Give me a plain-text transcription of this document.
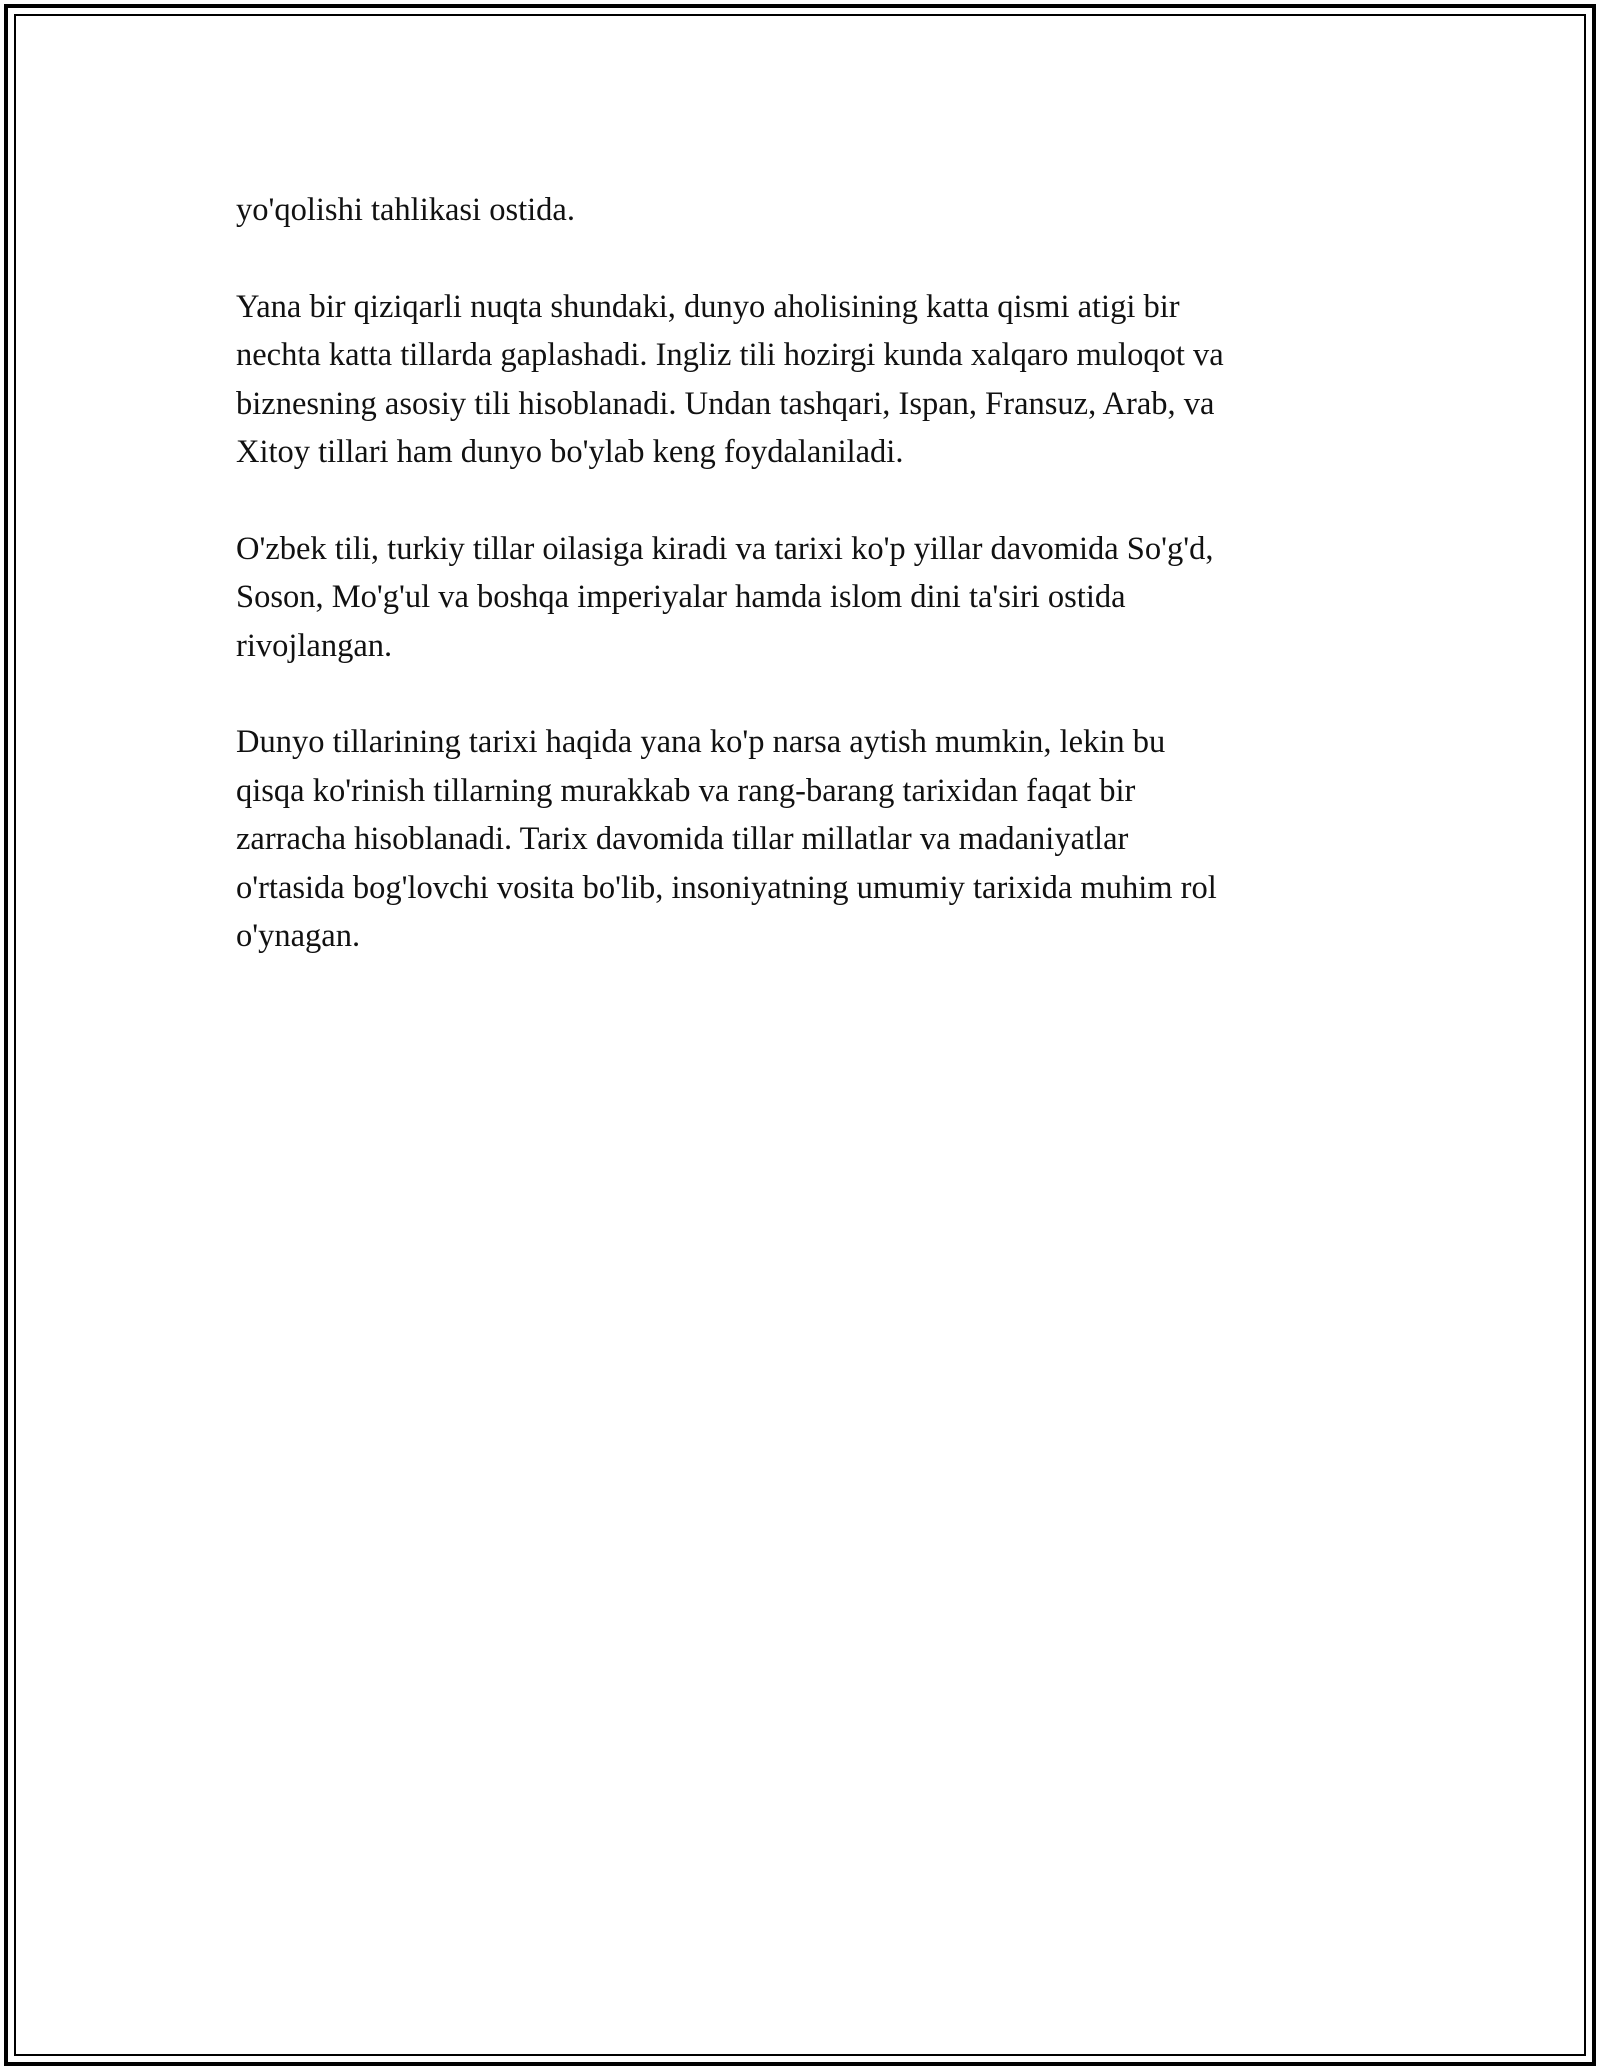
yo'qolishi tahlikasi ostida.

Yana bir qiziqarli nuqta shundaki, dunyo aholisining katta qismi atigi bir
nechta katta tillarda gaplashadi. Ingliz tili hozirgi kunda xalqaro muloqot va
biznesning asosiy tili hisoblanadi. Undan tashqari, Ispan, Fransuz, Arab, va
Xitoy tillari ham dunyo bo'ylab keng foydalaniladi.

O'zbek tili, turkiy tillar oilasiga kiradi va tarixi ko'p yillar davomida So'g'd,
Soson, Mo'g'ul va boshqa imperiyalar hamda islom dini ta'siri ostida
rivojlangan.

Dunyo tillarining tarixi haqida yana ko'p narsa aytish mumkin, lekin bu
qisqa ko'rinish tillarning murakkab va rang-barang tarixidan faqat bir
zarracha hisoblanadi. Tarix davomida tillar millatlar va madaniyatlar
o'rtasida bog'lovchi vosita bo'lib, insoniyatning umumiy tarixida muhim rol
o'ynagan.
